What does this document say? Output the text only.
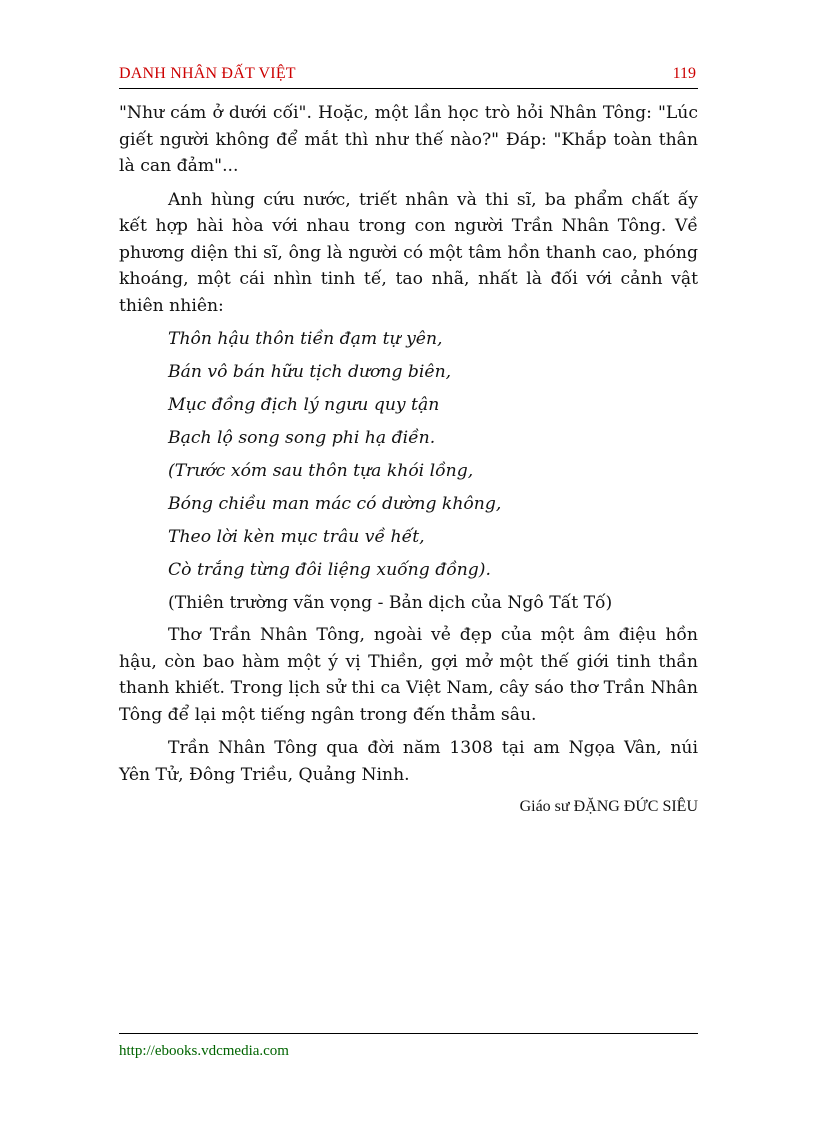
DANH NHÂN ĐẤT VIỆT	119

"Như cám ở dưới cối". Hoặc, một lần học trò hỏi Nhân Tông: "Lúc giết người không để mắt thì như thế nào?" Đáp: "Khắp toàn thân là can đảm"...

Anh hùng cứu nước, triết nhân và thi sĩ, ba phẩm chất ấy kết hợp hài hòa với nhau trong con người Trần Nhân Tông. Về phương diện thi sĩ, ông là người có một tâm hồn thanh cao, phóng khoáng, một cái nhìn tinh tế, tao nhã, nhất là đối với cảnh vật thiên nhiên:

Thôn hậu thôn tiền đạm tự yên,

Bán vô bán hữu tịch dương biên,

Mục đồng địch lý ngưu quy tận

Bạch lộ song song phi hạ điền.

(Trước xóm sau thôn tựa khói lồng,

Bóng chiều man mác có dường không,

Theo lời kèn mục trâu về hết,

Cò trắng từng đôi liệng xuống đồng).

(Thiên trường vãn vọng - Bản dịch của Ngô Tất Tố)

Thơ Trần Nhân Tông, ngoài vẻ đẹp của một âm điệu hồn hậu, còn bao hàm một ý vị Thiền, gợi mở một thế giới tinh thần thanh khiết. Trong lịch sử thi ca Việt Nam, cây sáo thơ Trần Nhân Tông để lại một tiếng ngân trong đến thẳm sâu.

Trần Nhân Tông qua đời năm 1308 tại am Ngọa Vân, núi Yên Tử, Đông Triều, Quảng Ninh.

Giáo sư ĐẶNG ĐỨC SIÊU

http://ebooks.vdcmedia.com
